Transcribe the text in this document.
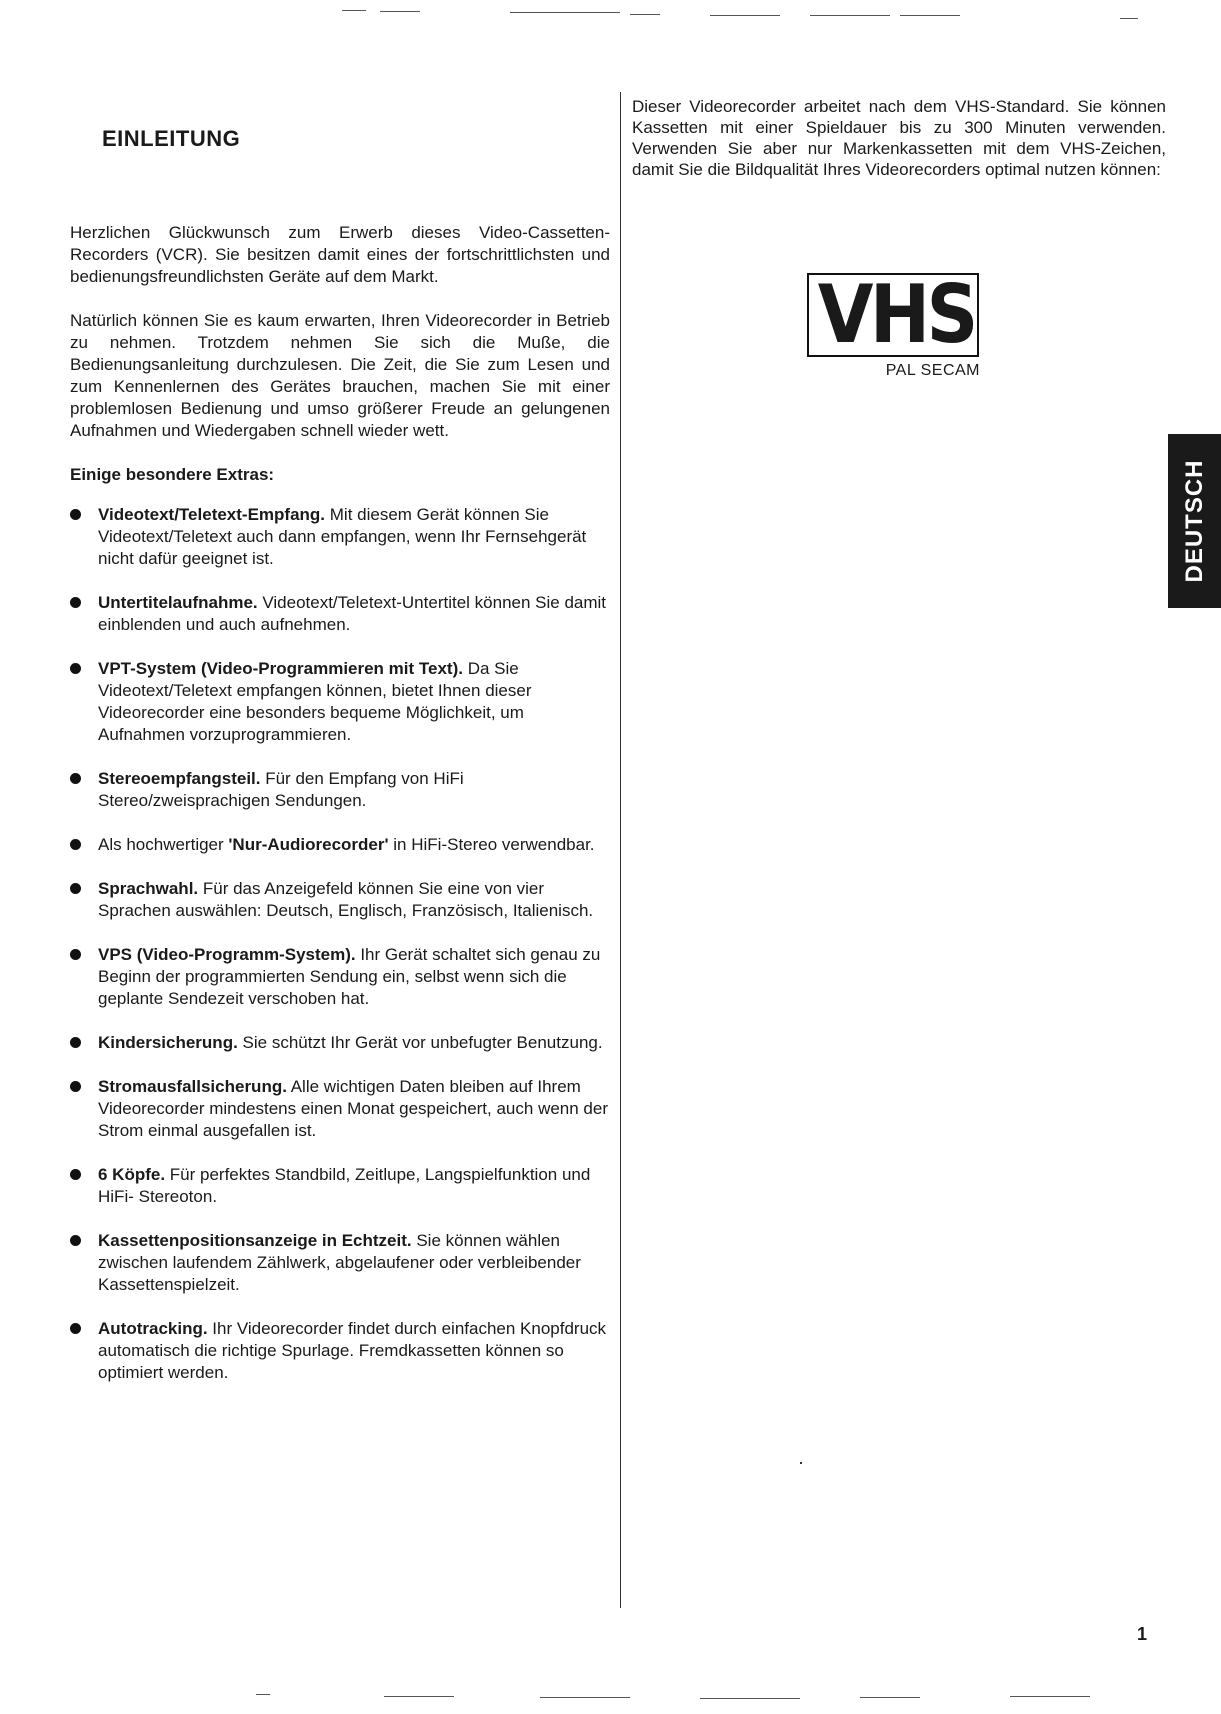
EINLEITUNG

Herzlichen Glückwunsch zum Erwerb dieses Video-Cassetten-Recorders (VCR). Sie besitzen damit eines der fortschrittlichsten und bedienungsfreundlichsten Geräte auf dem Markt.

Natürlich können Sie es kaum erwarten, Ihren Videorecorder in Betrieb zu nehmen. Trotzdem nehmen Sie sich die Muße, die Bedienungsanleitung durchzulesen. Die Zeit, die Sie zum Lesen und zum Kennenlernen des Gerätes brauchen, machen Sie mit einer problemlosen Bedienung und umso größerer Freude an gelungenen Aufnahmen und Wiedergaben schnell wieder wett.

Einige besondere Extras:
Videotext/Teletext-Empfang. Mit diesem Gerät können Sie Videotext/Teletext auch dann empfangen, wenn Ihr Fernsehgerät nicht dafür geeignet ist.
Untertitelaufnahme. Videotext/Teletext-Untertitel können Sie damit einblenden und auch aufnehmen.
VPT-System (Video-Programmieren mit Text). Da Sie Videotext/Teletext empfangen können, bietet Ihnen dieser Videorecorder eine besonders bequeme Möglichkeit, um Aufnahmen vorzuprogrammieren.
Stereoempfangsteil. Für den Empfang von HiFi Stereo/zweisprachigen Sendungen.
Als hochwertiger 'Nur-Audiorecorder' in HiFi-Stereo verwendbar.
Sprachwahl. Für das Anzeigefeld können Sie eine von vier Sprachen auswählen: Deutsch, Englisch, Französisch, Italienisch.
VPS (Video-Programm-System). Ihr Gerät schaltet sich genau zu Beginn der programmierten Sendung ein, selbst wenn sich die geplante Sendezeit verschoben hat.
Kindersicherung. Sie schützt Ihr Gerät vor unbefugter Benutzung.
Stromausfallsicherung. Alle wichtigen Daten bleiben auf Ihrem Videorecorder mindestens einen Monat gespeichert, auch wenn der Strom einmal ausgefallen ist.
6 Köpfe. Für perfektes Standbild, Zeitlupe, Langspielfunktion und HiFi- Stereoton.
Kassettenpositionsanzeige in Echtzeit. Sie können wählen zwischen laufendem Zählwerk, abgelaufener oder verbleibender Kassettenspielzeit.
Autotracking. Ihr Videorecorder findet durch einfachen Knopfdruck automatisch die richtige Spurlage. Fremdkassetten können so optimiert werden.

Dieser Videorecorder arbeitet nach dem VHS-Standard. Sie können Kassetten mit einer Spieldauer bis zu 300 Minuten verwenden. Verwenden Sie aber nur Markenkassetten mit dem VHS-Zeichen, damit Sie die Bildqualität Ihres Videorecorders optimal nutzen können:

VHS
PAL SECAM
DEUTSCH
1
